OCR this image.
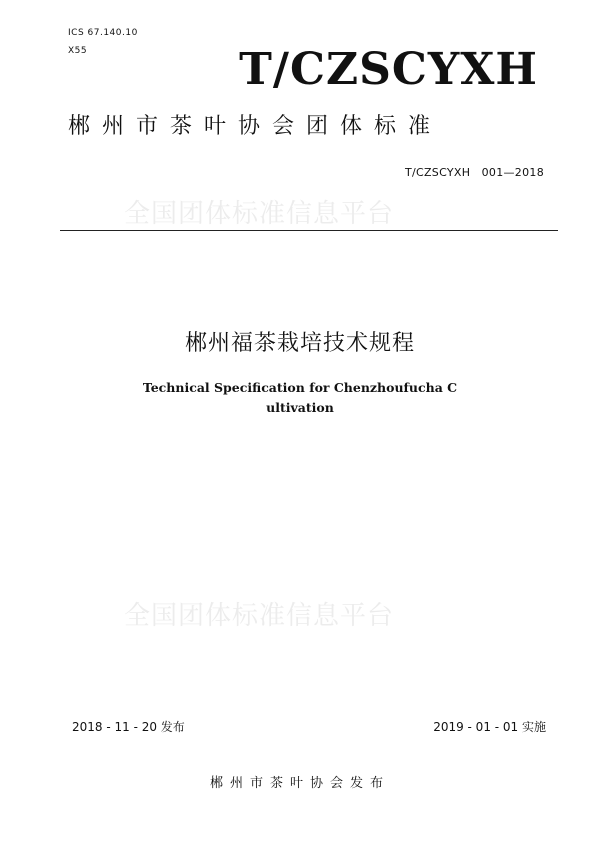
ICS 67.140.10
X55	T/CZSCYXH
郴州市茶叶协会团体标准
T/CZSCYXH　001—2018
全国团体标准信息平台
郴州福茶栽培技术规程
Technical Specification for Chenzhoufucha Cultivation
全国团体标准信息平台
2018 - 11 - 20 发布	2019 - 01 - 01 实施
郴州市茶叶协会发布
